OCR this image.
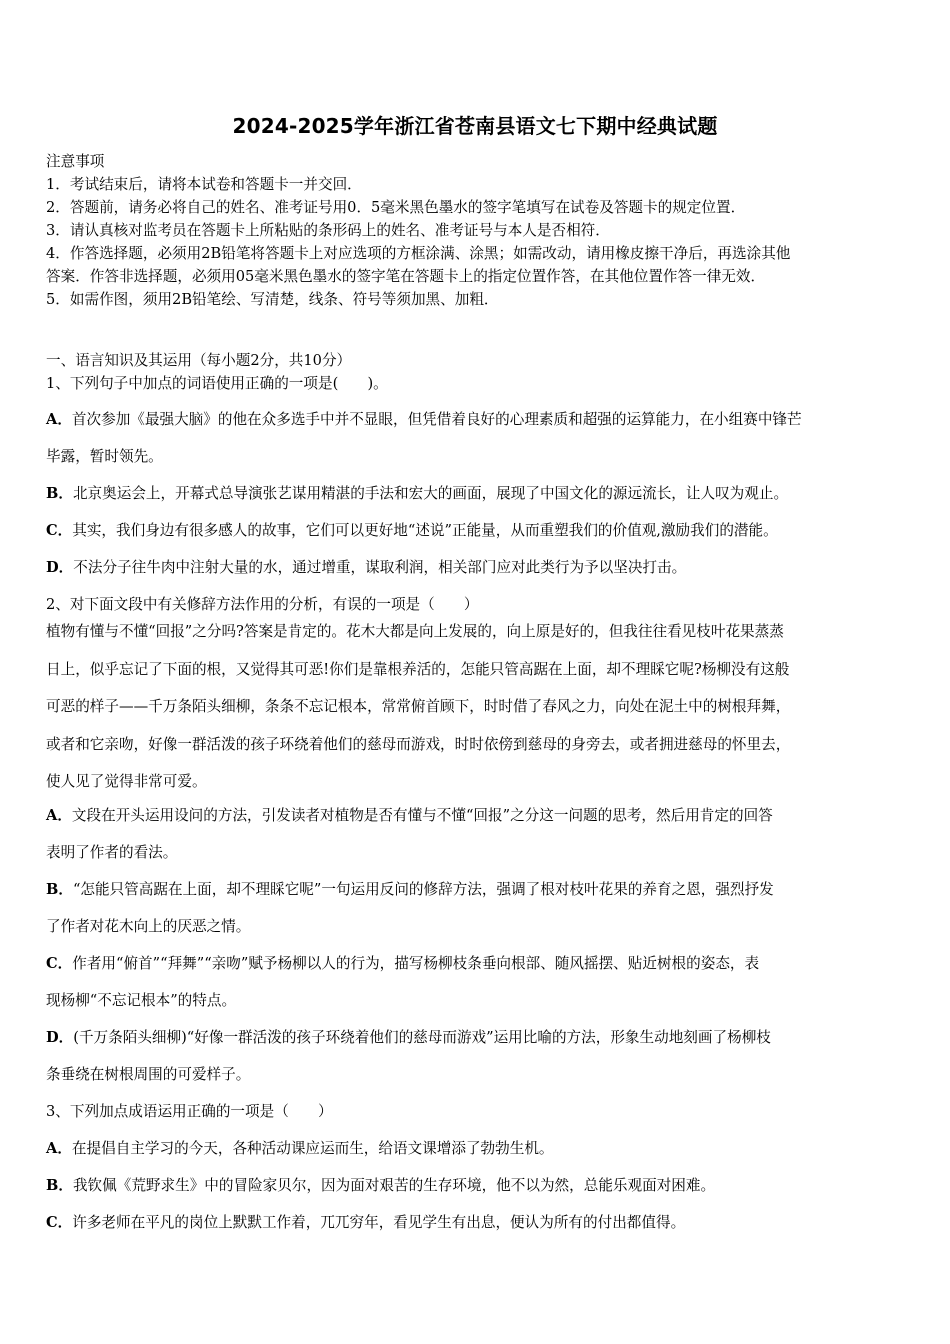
2024-2025学年浙江省苍南县语文七下期中经典试题
注意事项
1．考试结束后，请将本试卷和答题卡一并交回．
2．答题前，请务必将自己的姓名、准考证号用0．5毫米黑色墨水的签字笔填写在试卷及答题卡的规定位置．
3．请认真核对监考员在答题卡上所粘贴的条形码上的姓名、准考证号与本人是否相符．
4．作答选择题，必须用2B铅笔将答题卡上对应选项的方框涂满、涂黑；如需改动，请用橡皮擦干净后，再选涂其他
答案．作答非选择题，必须用05毫米黑色墨水的签字笔在答题卡上的指定位置作答，在其他位置作答一律无效．
5．如需作图，须用2B铅笔绘、写清楚，线条、符号等须加黑、加粗．
一、语言知识及其运用（每小题2分，共10分）
1、下列句子中加点的词语使用正确的一项是(　　)。
A．首次参加《最强大脑》的他在众多选手中并不显眼，但凭借着良好的心理素质和超强的运算能力，在小组赛中锋芒
毕露，暂时领先。
B．北京奥运会上，开幕式总导演张艺谋用精湛的手法和宏大的画面，展现了中国文化的源远流长，让人叹为观止。
C．其实，我们身边有很多感人的故事，它们可以更好地“述说”正能量，从而重塑我们的价值观,激励我们的潜能。
D．不法分子往牛肉中注射大量的水，通过增重，谋取利润，相关部门应对此类行为予以坚决打击。
2、对下面文段中有关修辞方法作用的分析，有误的一项是（　　）
植物有懂与不懂“回报”之分吗?答案是肯定的。花木大都是向上发展的，向上原是好的，但我往往看见枝叶花果蒸蒸
日上，似乎忘记了下面的根，又觉得其可恶!你们是靠根养活的，怎能只管高踞在上面，却不理睬它呢?杨柳没有这般
可恶的样子——千万条陌头细柳，条条不忘记根本，常常俯首顾下，时时借了春风之力，向处在泥土中的树根拜舞，
或者和它亲吻，好像一群活泼的孩子环绕着他们的慈母而游戏，时时依傍到慈母的身旁去，或者拥进慈母的怀里去，
使人见了觉得非常可爱。
A．文段在开头运用设问的方法，引发读者对植物是否有懂与不懂“回报”之分这一问题的思考，然后用肯定的回答
表明了作者的看法。
B．“怎能只管高踞在上面，却不理睬它呢”一句运用反问的修辞方法，强调了根对枝叶花果的养育之恩，强烈抒发
了作者对花木向上的厌恶之情。
C．作者用“俯首”“拜舞”“亲吻”赋予杨柳以人的行为，描写杨柳枝条垂向根部、随风摇摆、贴近树根的姿态，表
现杨柳“不忘记根本”的特点。
D．(千万条陌头细柳)“好像一群活泼的孩子环绕着他们的慈母而游戏”运用比喻的方法，形象生动地刻画了杨柳枝
条垂绕在树根周围的可爱样子。
3、下列加点成语运用正确的一项是（　　）
A．在提倡自主学习的今天，各种活动课应运而生，给语文课增添了勃勃生机。
B．我钦佩《荒野求生》中的冒险家贝尔，因为面对艰苦的生存环境，他不以为然，总能乐观面对困难。
C．许多老师在平凡的岗位上默默工作着，兀兀穷年，看见学生有出息，便认为所有的付出都值得。
